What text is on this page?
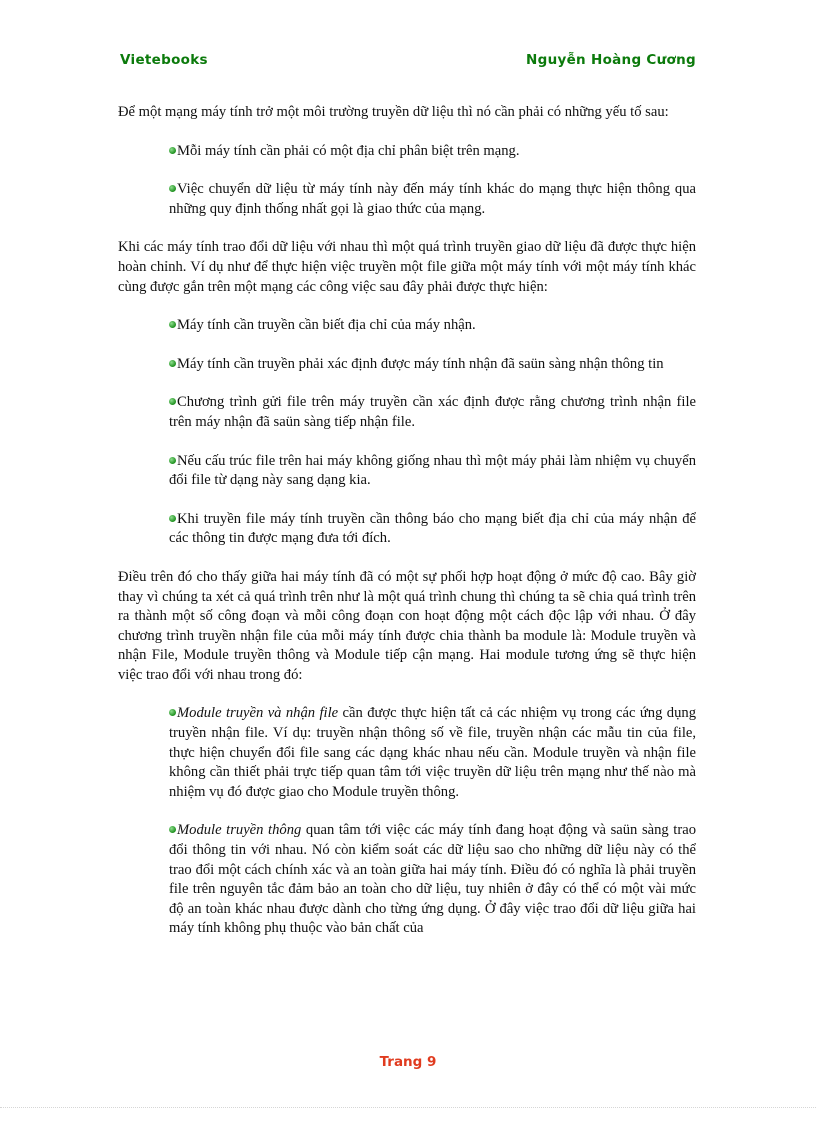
Vietebooks	Nguyễn Hoàng Cương

Để một mạng máy tính trở một môi trường truyền dữ liệu thì nó cần phải có những yếu tố sau:

Mỗi máy tính cần phải có một địa chỉ phân biệt trên mạng.

Việc chuyển dữ liệu từ máy tính này đến máy tính khác do mạng thực hiện thông qua những quy định thống nhất gọi là giao thức của mạng.

Khi các máy tính trao đổi dữ liệu với nhau thì một quá trình truyền giao dữ liệu đã được thực hiện hoàn chỉnh. Ví dụ như để thực hiện việc truyền một file giữa một máy tính với một máy tính khác cùng được gắn trên một mạng các công việc sau đây phải được thực hiện:

Máy tính cần truyền cần biết địa chỉ của máy nhận.

Máy tính cần truyền phải xác định được máy tính nhận đã saün sàng nhận thông tin

Chương trình gửi file trên máy truyền cần xác định được rằng chương trình nhận file trên máy nhận đã saün sàng tiếp nhận file.

Nếu cấu trúc file trên hai máy không giống nhau thì một máy phải làm nhiệm vụ chuyển đổi file từ dạng này sang dạng kia.

Khi truyền file máy tính truyền cần thông báo cho mạng biết địa chỉ của máy nhận để các thông tin được mạng đưa tới đích.

Điều trên đó cho thấy giữa hai máy tính đã có một sự phối hợp hoạt động ở mức độ cao. Bây giờ thay vì chúng ta xét cả quá trình trên như là một quá trình chung thì chúng ta sẽ chia quá trình trên ra thành một số công đoạn và mỗi công đoạn con hoạt động một cách độc lập với nhau. Ở đây chương trình truyền nhận file của mỗi máy tính được chia thành ba module là: Module truyền và nhận File, Module truyền thông và Module tiếp cận mạng. Hai module tương ứng sẽ thực hiện việc trao đổi với nhau trong đó:

Module truyền và nhận file cần được thực hiện tất cả các nhiệm vụ trong các ứng dụng truyền nhận file. Ví dụ: truyền nhận thông số về file, truyền nhận các mẫu tin của file, thực hiện chuyển đổi file sang các dạng khác nhau nếu cần. Module truyền và nhận file không cần thiết phải trực tiếp quan tâm tới việc truyền dữ liệu trên mạng như thế nào mà nhiệm vụ đó được giao cho Module truyền thông.

Module truyền thông quan tâm tới việc các máy tính đang hoạt động và saün sàng trao đổi thông tin với nhau. Nó còn kiểm soát các dữ liệu sao cho những dữ liệu này có thể trao đổi một cách chính xác và an toàn giữa hai máy tính. Điều đó có nghĩa là phải truyền file trên nguyên tắc đảm bảo an toàn cho dữ liệu, tuy nhiên ở đây có thể có một vài mức độ an toàn khác nhau được dành cho từng ứng dụng. Ở đây việc trao đổi dữ liệu giữa hai máy tính không phụ thuộc vào bản chất của

Trang 9
